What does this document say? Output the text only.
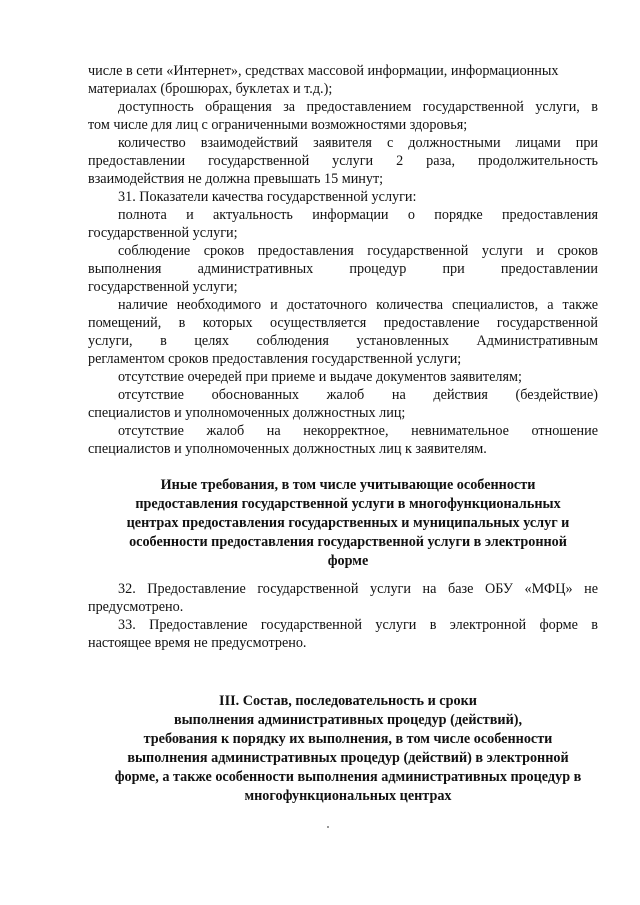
числе в сети «Интернет», средствах массовой информации, информационных
материалах (брошюрах, буклетах и т.д.);
доступность обращения за предоставлением государственной услуги, в
том числе для лиц с ограниченными возможностями здоровья;
количество взаимодействий заявителя с должностными лицами при
предоставлении государственной услуги 2 раза, продолжительность
взаимодействия не должна превышать 15 минут;
31. Показатели качества государственной услуги:
полнота и актуальность информации о порядке предоставления
государственной услуги;
соблюдение сроков предоставления государственной услуги и сроков
выполнения административных процедур при предоставлении
государственной услуги;
наличие необходимого и достаточного количества специалистов, а также
помещений, в которых осуществляется предоставление государственной
услуги, в целях соблюдения установленных Административным
регламентом сроков предоставления государственной услуги;
отсутствие очередей при приеме и выдаче документов заявителям;
отсутствие обоснованных жалоб на действия (бездействие)
специалистов и уполномоченных должностных лиц;
отсутствие жалоб на некорректное, невнимательное отношение
специалистов и уполномоченных должностных лиц к заявителям.
Иные требования, в том числе учитывающие особенности
предоставления государственной услуги в многофункциональных
центрах предоставления государственных и муниципальных услуг и
особенности предоставления государственной услуги в электронной
форме
32. Предоставление государственной услуги на базе ОБУ «МФЦ» не
предусмотрено.
33. Предоставление государственной услуги в электронной форме в
настоящее время не предусмотрено.
III. Состав, последовательность и сроки
выполнения административных процедур (действий),
требования к порядку их выполнения, в том числе особенности
выполнения административных процедур (действий) в электронной
форме, а также особенности выполнения административных процедур в
многофункциональных центрах
